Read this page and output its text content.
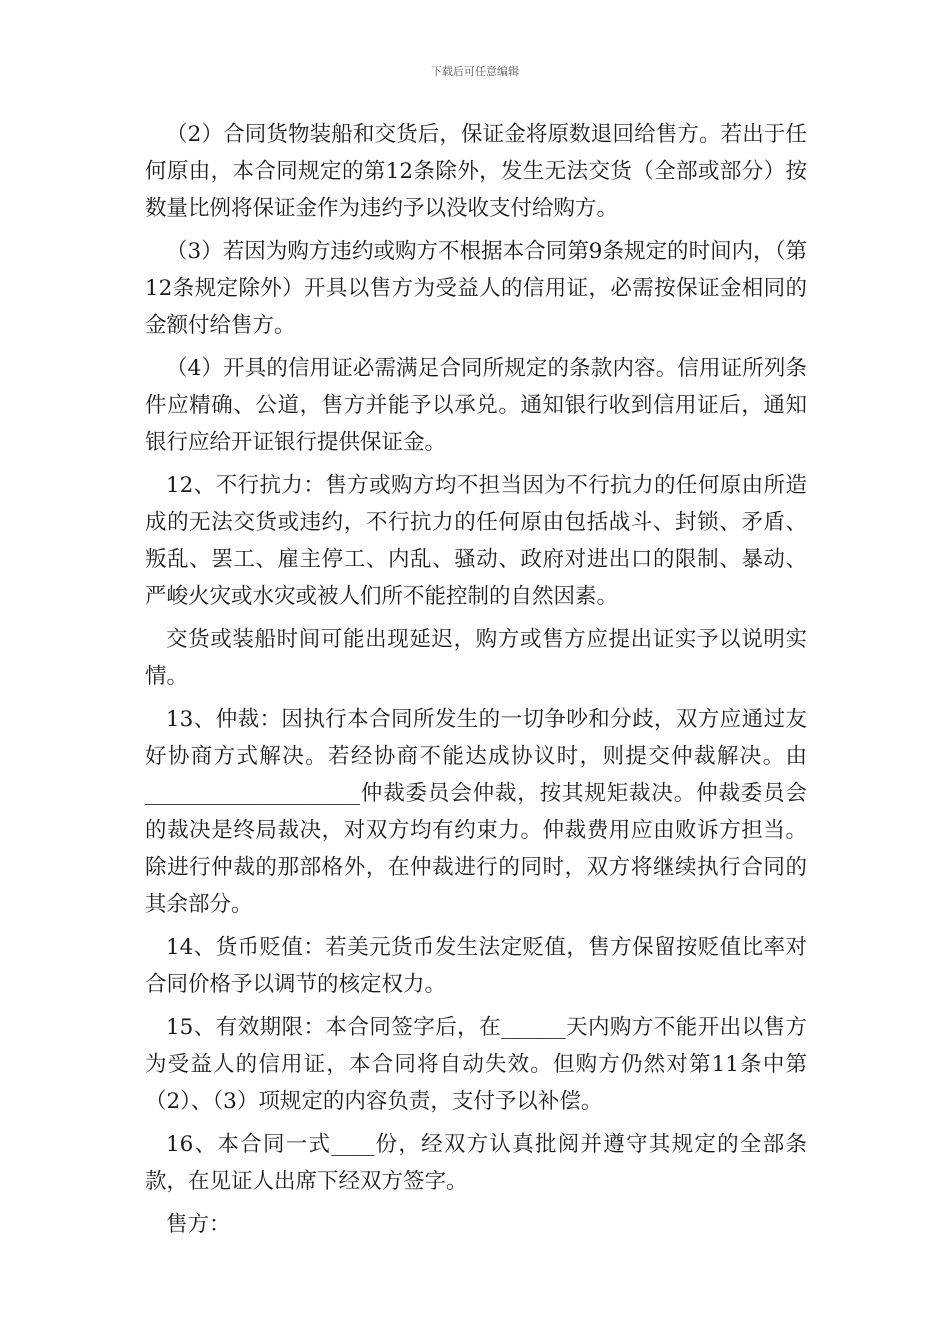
下载后可任意编辑

（2）合同货物装船和交货后，保证金将原数退回给售方。若出于任何原由，本合同规定的第12条除外，发生无法交货（全部或部分）按数量比例将保证金作为违约予以没收支付给购方。

（3）若因为购方违约或购方不根据本合同第9条规定的时间内，（第12条规定除外）开具以售方为受益人的信用证，必需按保证金相同的金额付给售方。

（4）开具的信用证必需满足合同所规定的条款内容。信用证所列条件应精确、公道，售方并能予以承兑。通知银行收到信用证后，通知银行应给开证银行提供保证金。

12、不行抗力：售方或购方均不担当因为不行抗力的任何原由所造成的无法交货或违约，不行抗力的任何原由包括战斗、封锁、矛盾、叛乱、罢工、雇主停工、内乱、骚动、政府对进出口的限制、暴动、严峻火灾或水灾或被人们所不能控制的自然因素。

交货或装船时间可能出现延迟，购方或售方应提出证实予以说明实情。

13、仲裁：因执行本合同所发生的一切争吵和分歧，双方应通过友好协商方式解决。若经协商不能达成协议时，则提交仲裁解决。由____________________仲裁委员会仲裁，按其规矩裁决。仲裁委员会的裁决是终局裁决，对双方均有约束力。仲裁费用应由败诉方担当。除进行仲裁的那部格外，在仲裁进行的同时，双方将继续执行合同的其余部分。

14、货币贬值：若美元货币发生法定贬值，售方保留按贬值比率对合同价格予以调节的核定权力。

15、有效期限：本合同签字后，在______天内购方不能开出以售方为受益人的信用证，本合同将自动失效。但购方仍然对第11条中第（2）、（3）项规定的内容负责，支付予以补偿。

16、本合同一式____份，经双方认真批阅并遵守其规定的全部条款，在见证人出席下经双方签字。

售方：
